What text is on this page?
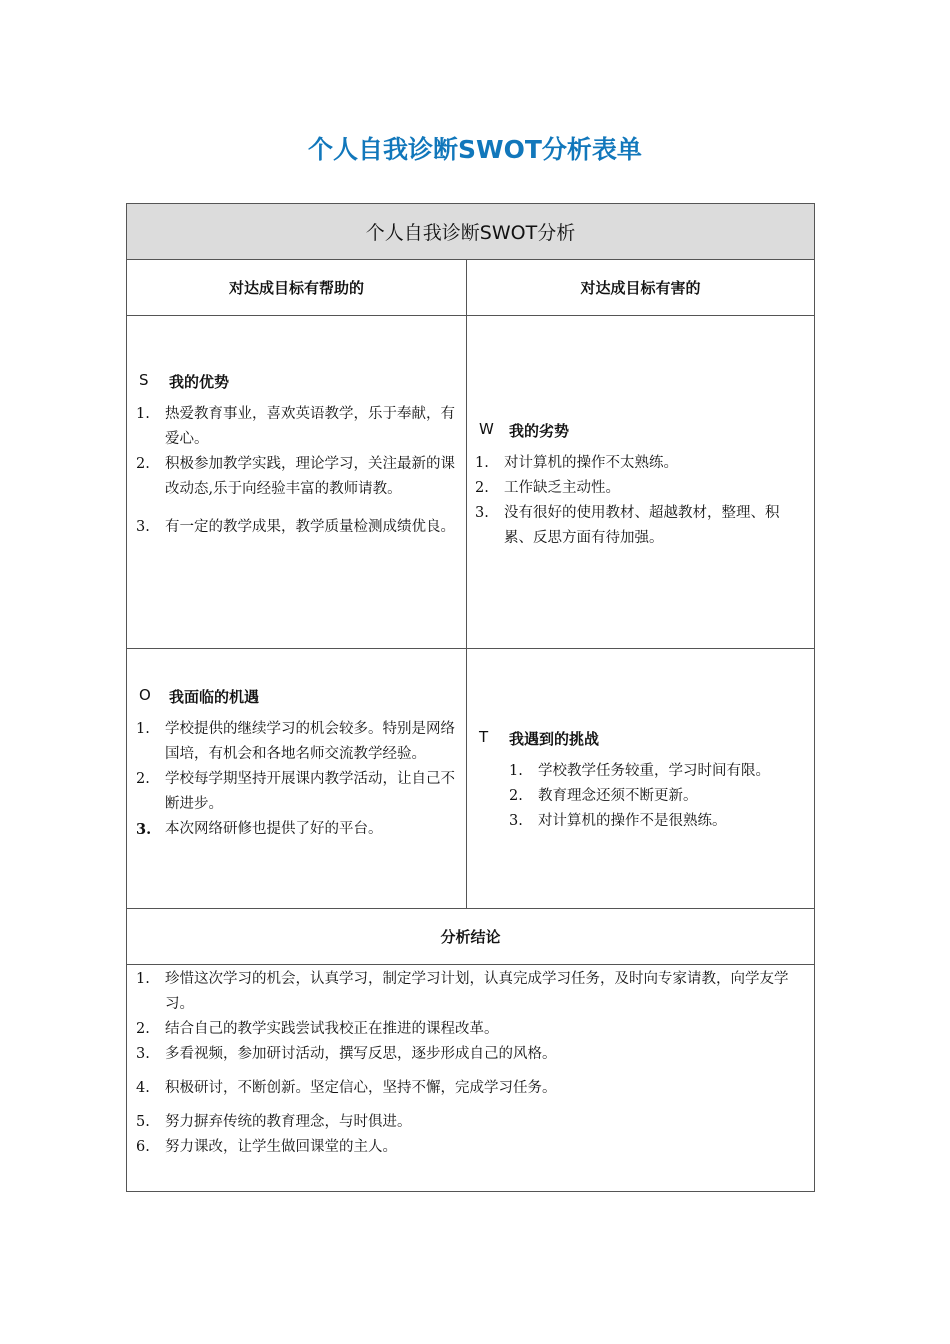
个人自我诊断SWOT分析表单
个人自我诊断SWOT分析
对达成目标有帮助的	对达成目标有害的
S	我的优势
1. 热爱教育事业，喜欢英语教学，乐于奉献，有爱心。
2. 积极参加教学实践，理论学习，关注最新的课改动态,乐于向经验丰富的教师请教。
3. 有一定的教学成果，教学质量检测成绩优良。
W	我的劣势
1. 对计算机的操作不太熟练。
2. 工作缺乏主动性。
3. 没有很好的使用教材、超越教材，整理、积累、反思方面有待加强。
O	我面临的机遇
1. 学校提供的继续学习的机会较多。特别是网络国培，有机会和各地名师交流教学经验。
2. 学校每学期坚持开展课内教学活动，让自己不断进步。
3. 本次网络研修也提供了好的平台。
T	我遇到的挑战
1. 学校教学任务较重，学习时间有限。
2. 教育理念还须不断更新。
3. 对计算机的操作不是很熟练。
分析结论
1. 珍惜这次学习的机会，认真学习，制定学习计划，认真完成学习任务，及时向专家请教，向学友学习。
2. 结合自己的教学实践尝试我校正在推进的课程改革。
3. 多看视频，参加研讨活动，撰写反思，逐步形成自己的风格。
4. 积极研讨，不断创新。坚定信心，坚持不懈，完成学习任务。
5. 努力摒弃传统的教育理念，与时俱进。
6. 努力课改，让学生做回课堂的主人。
